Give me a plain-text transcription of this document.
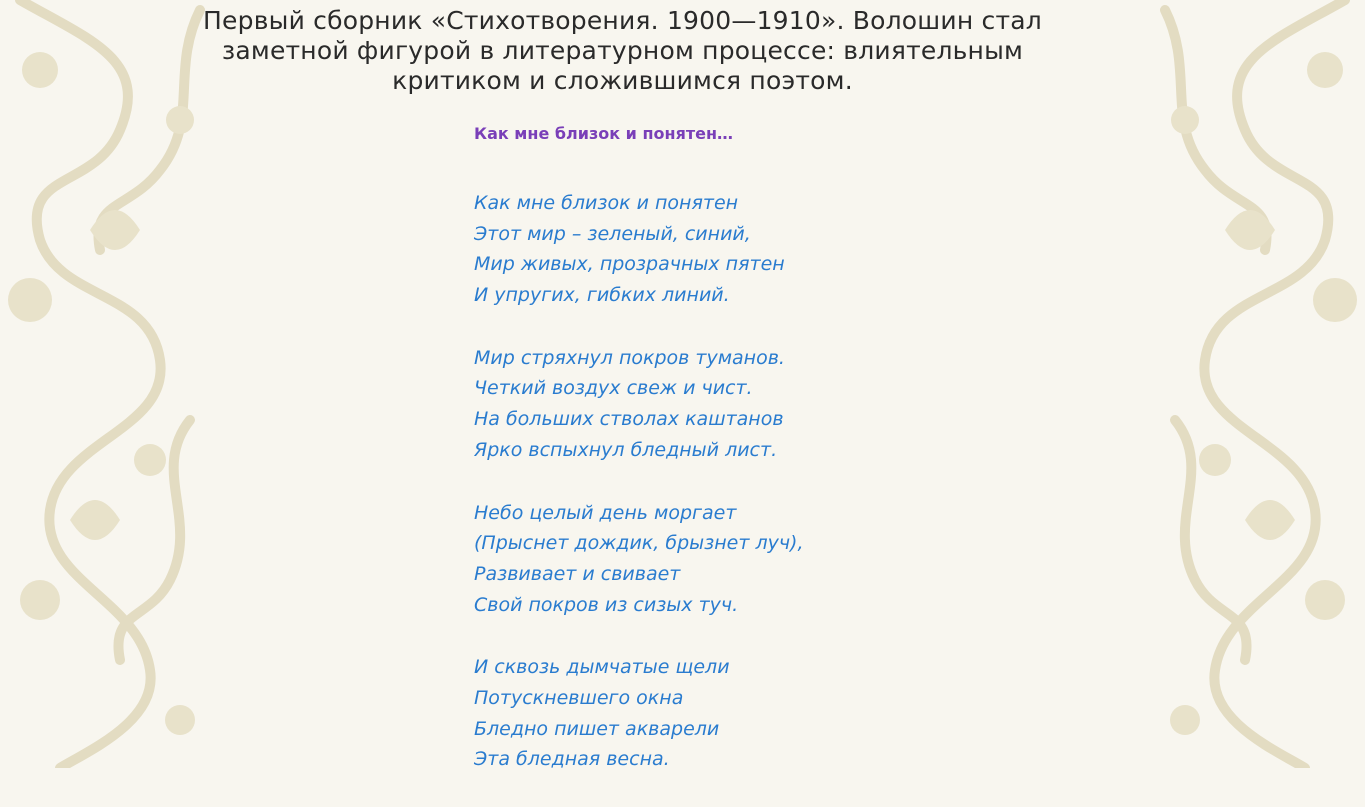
Первый сборник «Стихотворения. 1900—1910». Волошин стал
заметной фигурой в литературном процессе: влиятельным
критиком и сложившимся поэтом.
Как мне близок и понятен…
Как мне близок и понятен
Этот мир – зеленый, синий,
Мир живых, прозрачных пятен
И упругих, гибких линий.
Мир стряхнул покров туманов.
Четкий воздух свеж и чист.
На больших стволах каштанов
Ярко вспыхнул бледный лист.
Небо целый день моргает
(Прыснет дождик, брызнет луч),
Развивает и свивает
Свой покров из сизых туч.
И сквозь дымчатые щели
Потускневшего окна
Бледно пишет акварели
Эта бледная весна.
